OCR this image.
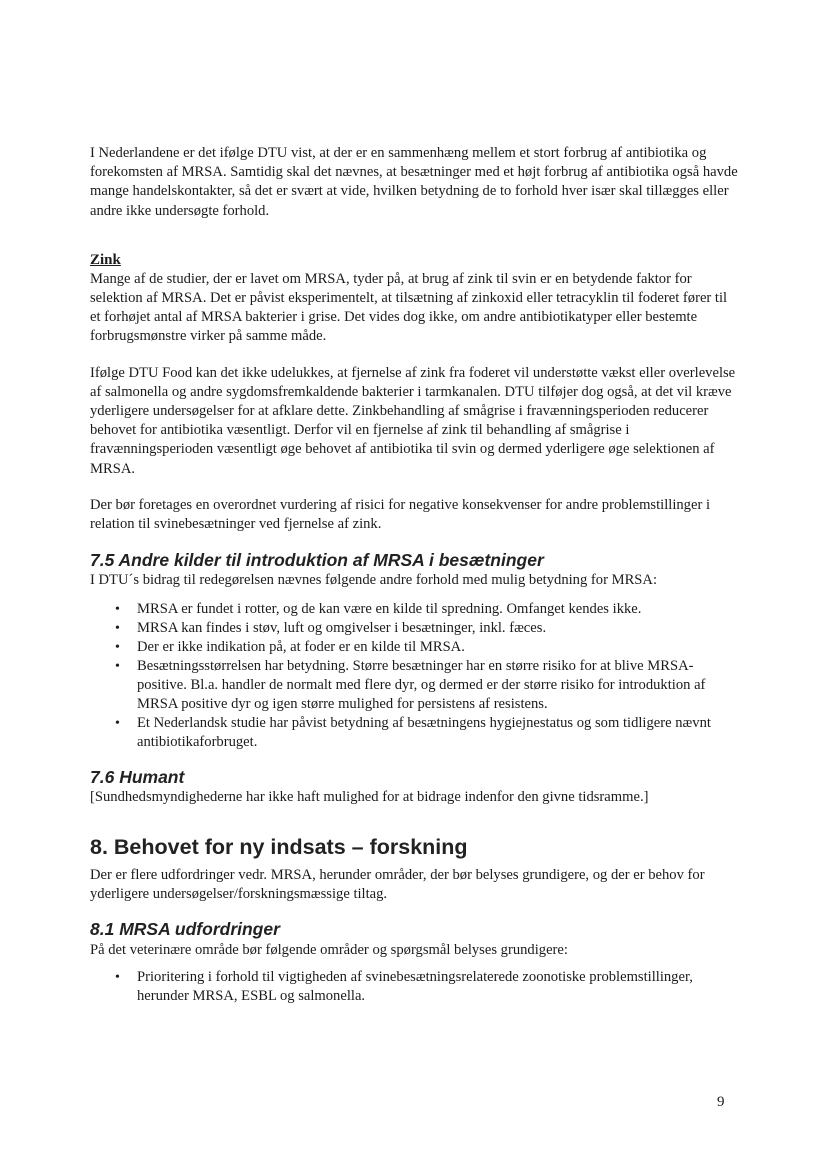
I Nederlandene er det ifølge DTU vist, at der er en sammenhæng mellem et stort forbrug af antibiotika og forekomsten af MRSA. Samtidig skal det nævnes, at besætninger med et højt forbrug af antibiotika også havde mange handelskontakter, så det er svært at vide, hvilken betydning de to forhold hver især skal tillægges eller andre ikke undersøgte forhold.

Zink

Mange af de studier, der er lavet om MRSA, tyder på, at brug af zink til svin er en betydende faktor for selektion af MRSA. Det er påvist eksperimentelt, at tilsætning af zinkoxid eller tetracyklin til foderet fører til et forhøjet antal af MRSA bakterier i grise. Det vides dog ikke, om andre antibiotikatyper eller bestemte forbrugsmønstre virker på samme måde.

Ifølge DTU Food kan det ikke udelukkes, at fjernelse af zink fra foderet vil understøtte vækst eller overlevelse af salmonella og andre sygdomsfremkaldende bakterier i tarmkanalen. DTU tilføjer dog også, at det vil kræve yderligere undersøgelser for at afklare dette. Zinkbehandling af smågrise i fravænningsperioden reducerer behovet for antibiotika væsentligt. Derfor vil en fjernelse af zink til behandling af smågrise i fravænningsperioden væsentligt øge behovet af antibiotika til svin og dermed yderligere øge selektionen af MRSA.

Der bør foretages en overordnet vurdering af risici for negative konsekvenser for andre problemstillinger i relation til svinebesætninger ved fjernelse af zink.

7.5 Andre kilder til introduktion af MRSA i besætninger

I DTU´s bidrag til redegørelsen nævnes følgende andre forhold med mulig betydning for MRSA:

• MRSA er fundet i rotter, og de kan være en kilde til spredning. Omfanget kendes ikke.
• MRSA kan findes i støv, luft og omgivelser i besætninger, inkl. fæces.
• Der er ikke indikation på, at foder er en kilde til MRSA.
• Besætningsstørrelsen har betydning. Større besætninger har en større risiko for at blive MRSA-positive. Bl.a. handler de normalt med flere dyr, og dermed er der større risiko for introduktion af MRSA positive dyr og igen større mulighed for persistens af resistens.
• Et Nederlandsk studie har påvist betydning af besætningens hygiejnestatus og som tidligere nævnt antibiotikaforbruget.
7.6 Humant

[Sundhedsmyndighederne har ikke haft mulighed for at bidrage indenfor den givne tidsramme.]

8. Behovet for ny indsats – forskning

Der er flere udfordringer vedr. MRSA, herunder områder, der bør belyses grundigere, og der er behov for yderligere undersøgelser/forskningsmæssige tiltag.

8.1 MRSA udfordringer

På det veterinære område bør følgende områder og spørgsmål belyses grundigere:

• Prioritering i forhold til vigtigheden af svinebesætningsrelaterede zoonotiske problemstillinger, herunder MRSA, ESBL og salmonella.
9
